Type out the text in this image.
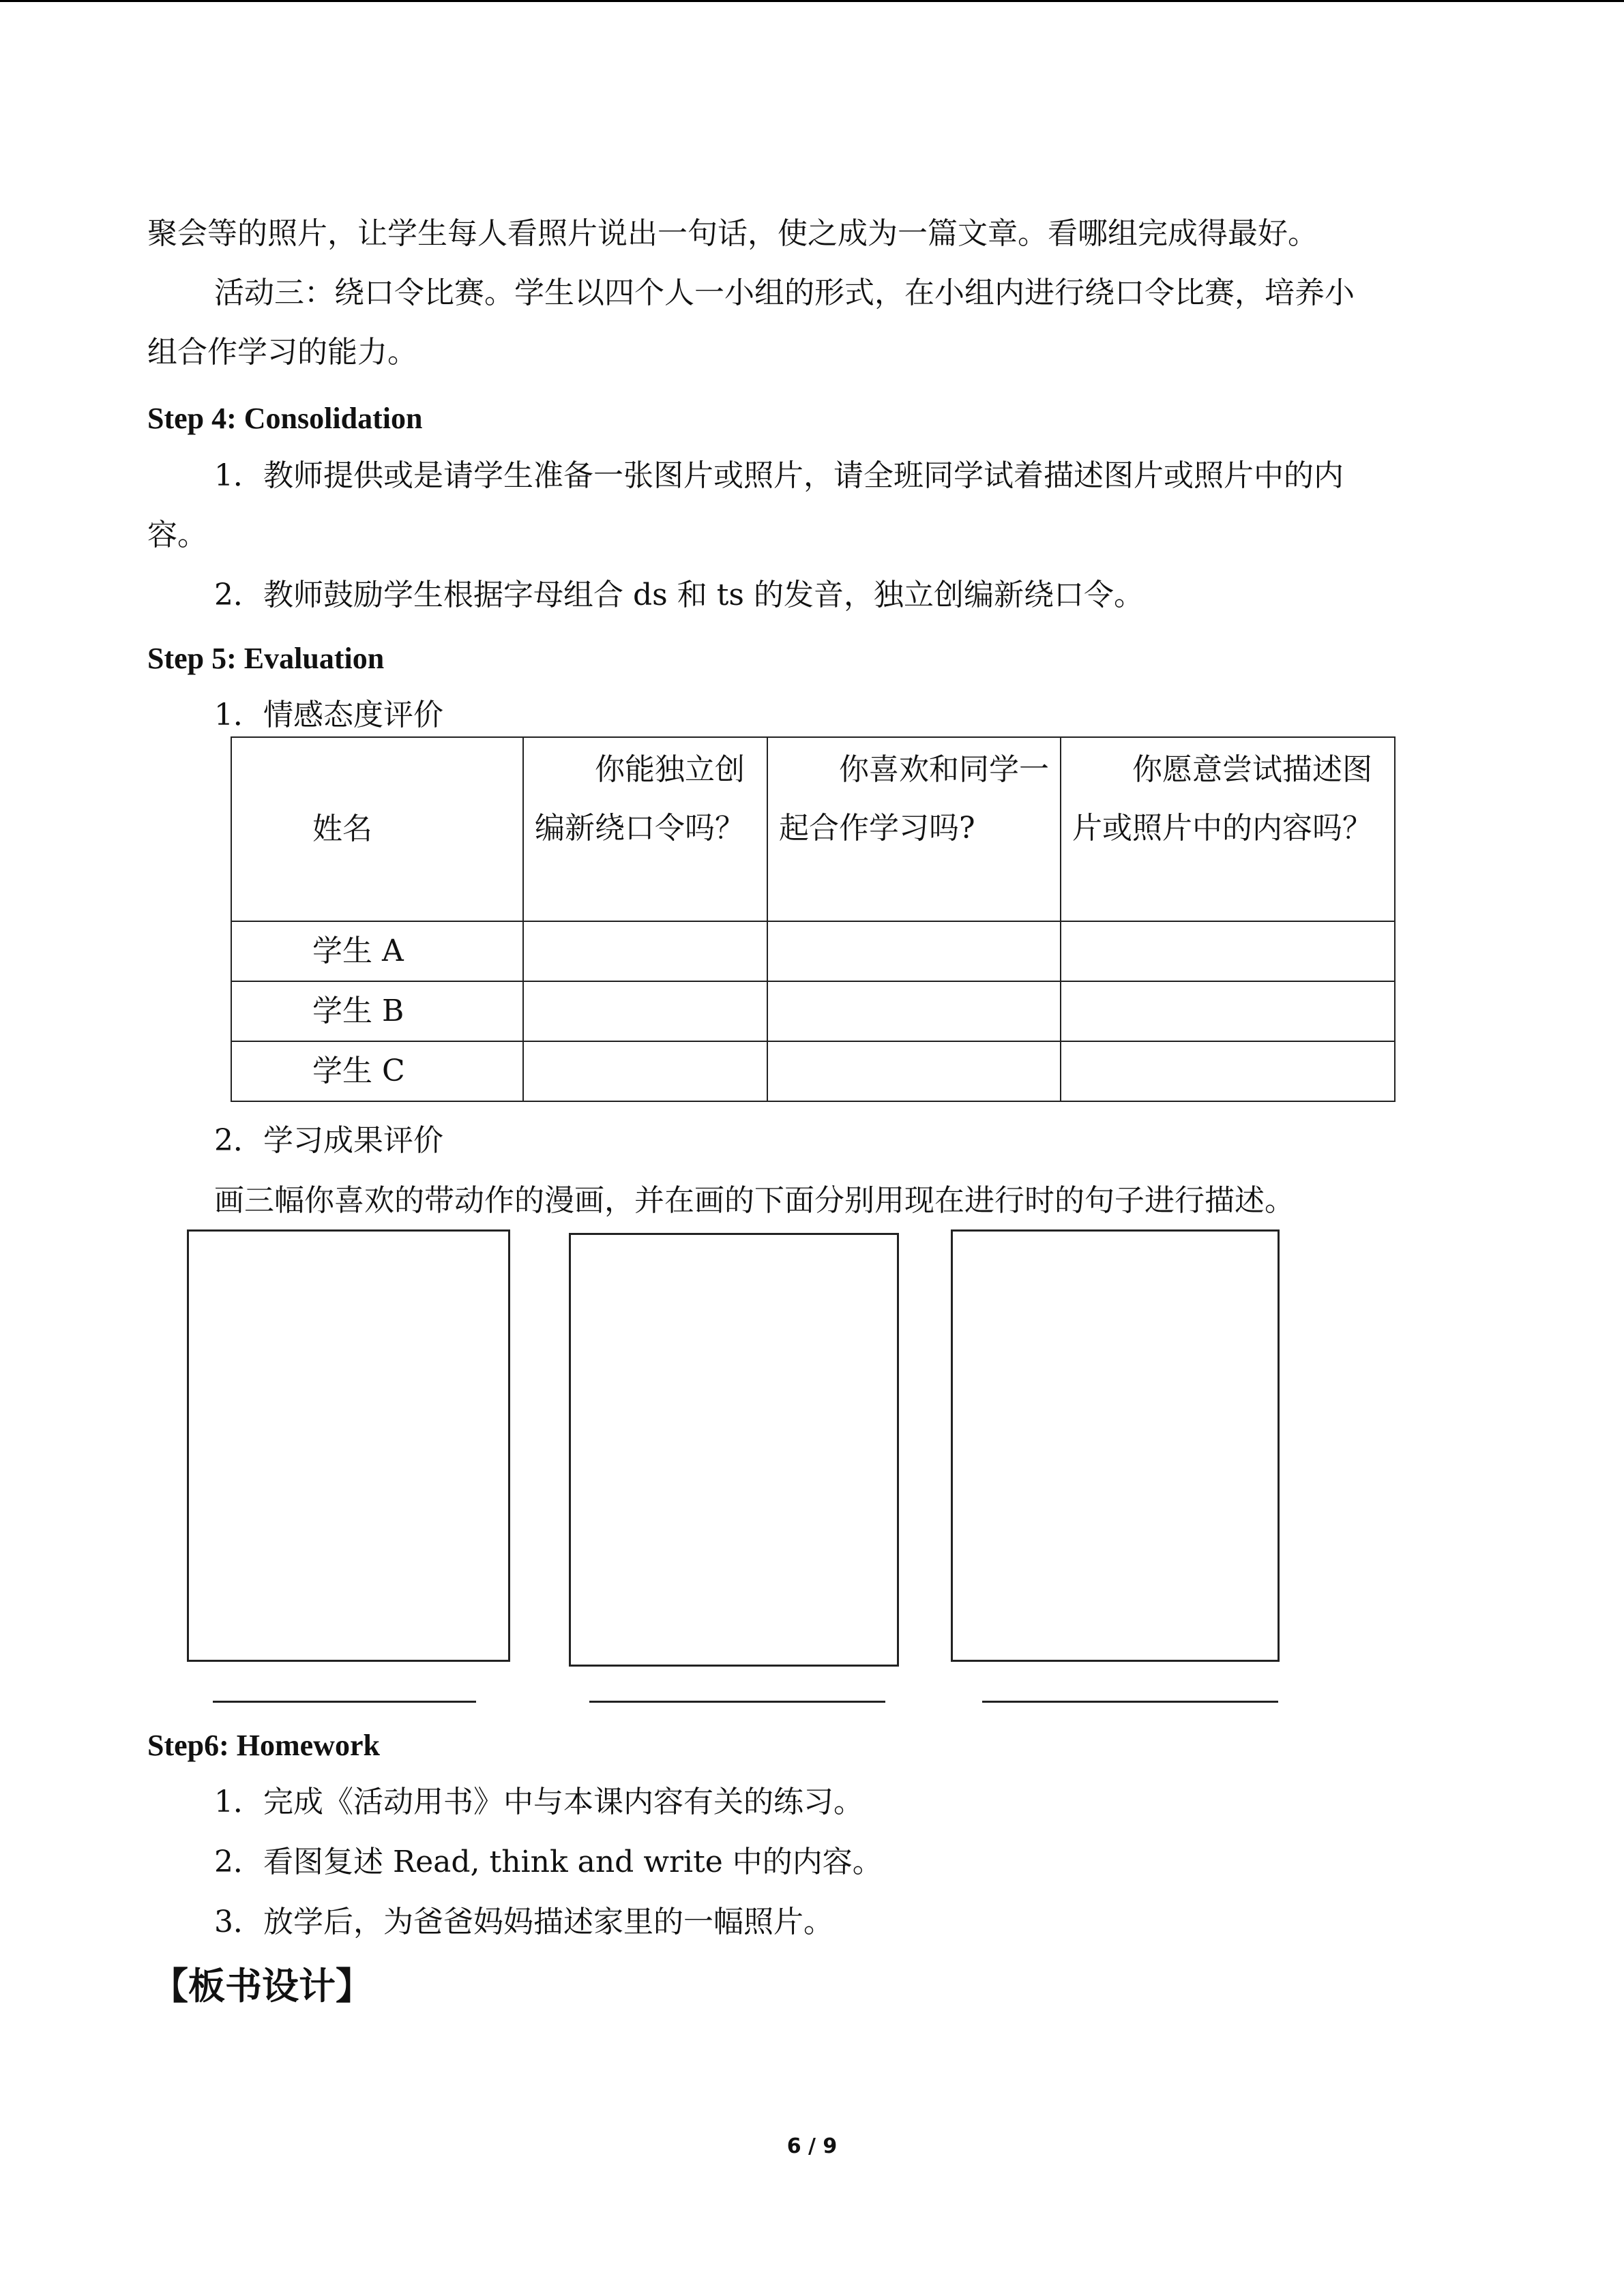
聚会等的照片，让学生每人看照片说出一句话，使之成为一篇文章。看哪组完成得最好。
活动三：绕口令比赛。学生以四个人一小组的形式，在小组内进行绕口令比赛，培养小
组合作学习的能力。
Step 4: Consolidation
1．教师提供或是请学生准备一张图片或照片，请全班同学试着描述图片或照片中的内
容。
2．教师鼓励学生根据字母组合 ds 和 ts 的发音，独立创编新绕口令。
Step 5: Evaluation
1．情感态度评价
姓名	你能独立创编新绕口令吗？	你喜欢和同学一起合作学习吗?	你愿意尝试描述图片或照片中的内容吗？

学生 A			
学生 B			
学生 C			
2．学习成果评价
画三幅你喜欢的带动作的漫画，并在画的下面分别用现在进行时的句子进行描述。
Step6: Homework
1．完成《活动用书》中与本课内容有关的练习。
2．看图复述 Read, think and write 中的内容。
3．放学后，为爸爸妈妈描述家里的一幅照片。
【板书设计】
6 / 9
